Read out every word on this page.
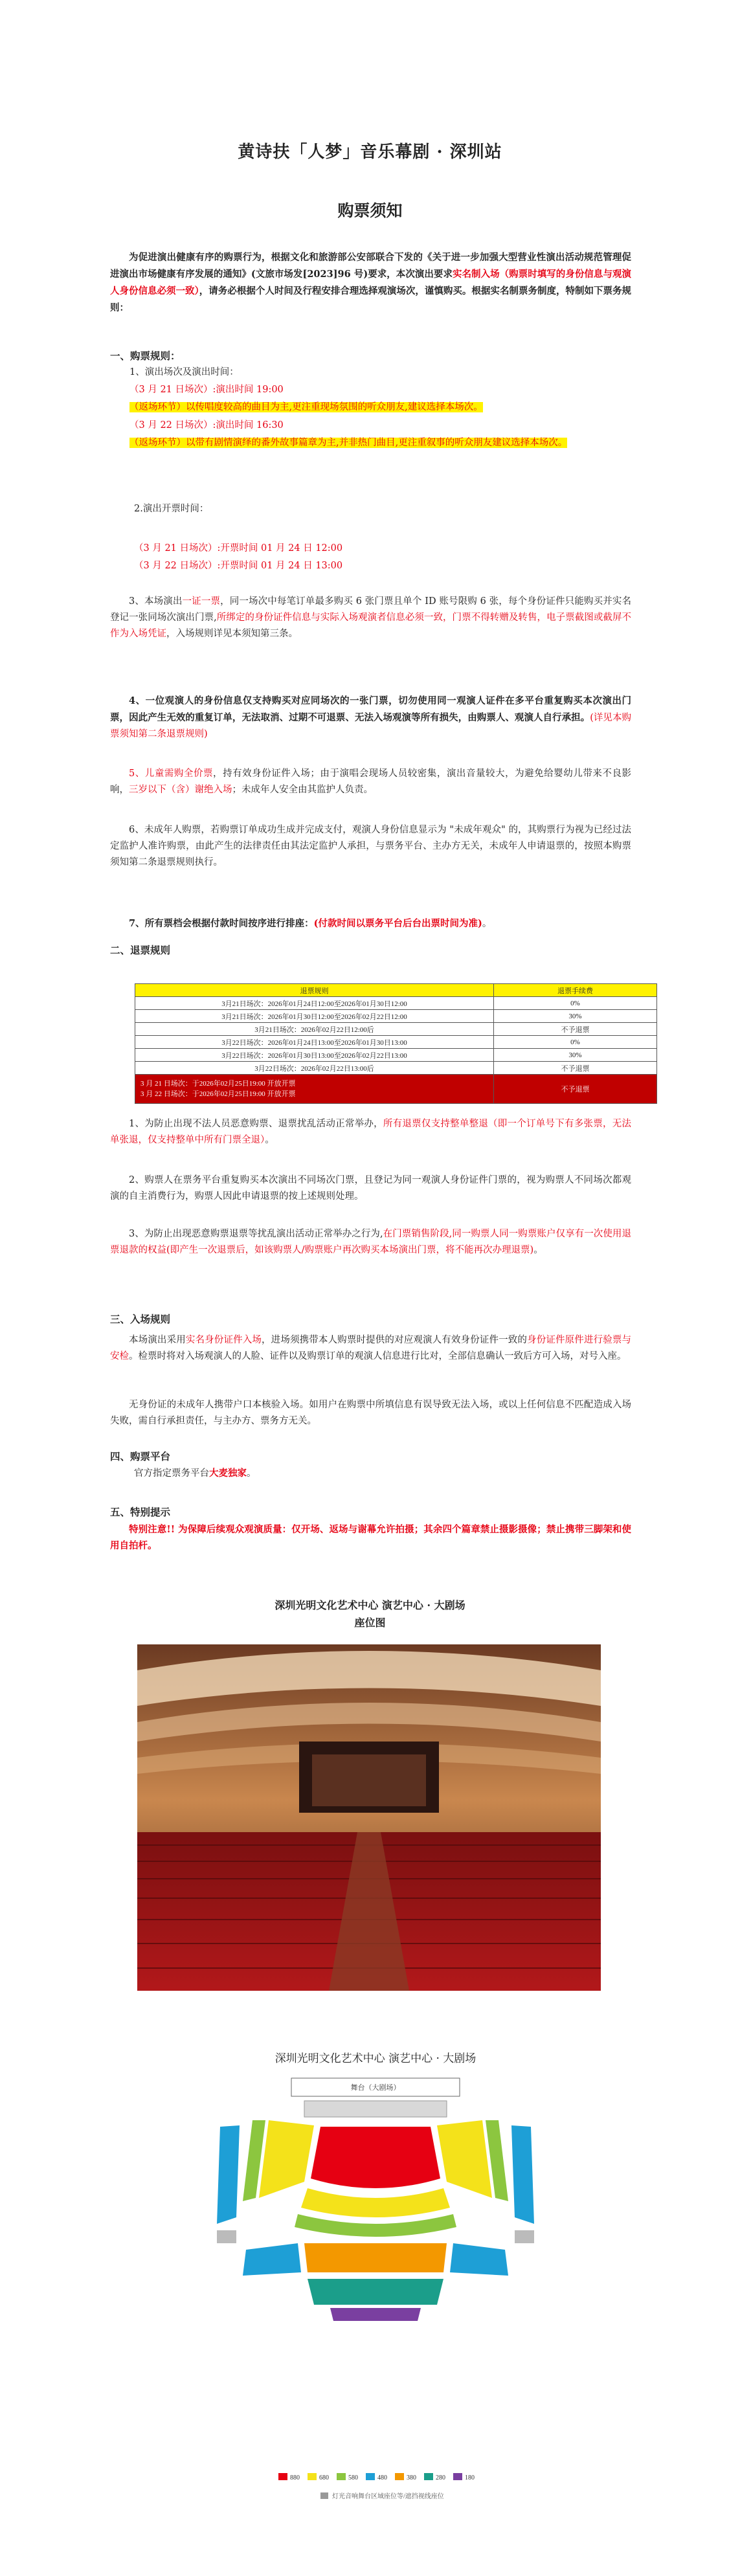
黄诗扶「人梦」音乐幕剧 · 深圳站
购票须知
为促进演出健康有序的购票行为，根据文化和旅游部公安部联合下发的《关于进一步加强大型营业性演出活动规范管理促进演出市场健康有序发展的通知》(文旅市场发[2023]96 号)要求，本次演出要求实名制入场（购票时填写的身份信息与观演人身份信息必须一致），请务必根据个人时间及行程安排合理选择观演场次，谨慎购买。根据实名制票务制度，特制如下票务规则：
一、购票规则：
1、演出场次及演出时间：
（3 月 21 日场次）:演出时间 19:00
（返场环节）以传唱度较高的曲目为主,更注重现场氛围的听众朋友,建议选择本场次。
（3 月 22 日场次）:演出时间 16:30
（返场环节）以带有剧情演绎的番外故事篇章为主,并非热门曲目,更注重叙事的听众朋友建议选择本场次。
2.演出开票时间：
（3 月 21 日场次）:开票时间 01 月 24 日 12:00
（3 月 22 日场次）:开票时间 01 月 24 日 13:00
3、本场演出一证一票，同一场次中每笔订单最多购买 6 张门票且单个 ID 账号限购 6 张，每个身份证件只能购买并实名登记一张同场次演出门票,所绑定的身份证件信息与实际入场观演者信息必须一致，门票不得转赠及转售，电子票截图或截屏不作为入场凭证，入场规则详见本须知第三条。
4、一位观演人的身份信息仅支持购买对应同场次的一张门票，切勿使用同一观演人证件在多平台重复购买本次演出门票，因此产生无效的重复订单，无法取消、过期不可退票、无法入场观演等所有损失，由购票人、观演人自行承担。(详见本购票须知第二条退票规则)
5、儿童需购全价票，持有效身份证件入场；由于演唱会现场人员较密集，演出音量较大，为避免给婴幼儿带来不良影响，三岁以下（含）谢绝入场；未成年人安全由其监护人负责。
6、未成年人购票，若购票订单成功生成并完成支付，观演人身份信息显示为 "未成年观众" 的，其购票行为视为已经过法定监护人准许购票，由此产生的法律责任由其法定监护人承担，与票务平台、主办方无关，未成年人申请退票的，按照本购票须知第二条退票规则执行。
7、所有票档会根据付款时间按序进行排座：(付款时间以票务平台后台出票时间为准)。
二、退票规则
退票规则	退票手续费
3月21日场次：2026年01月24日12:00至2026年01月30日12:00	0%
3月21日场次：2026年01月30日12:00至2026年02月22日12:00	30%
3月21日场次：2026年02月22日12:00后	不予退票
3月22日场次：2026年01月24日13:00至2026年01月30日13:00	0%
3月22日场次：2026年01月30日13:00至2026年02月22日13:00	30%
3月22日场次：2026年02月22日13:00后	不予退票

3 月 21 日场次：于2026年02月25日19:00 开放开票
3 月 22 日场次：于2026年02月25日19:00 开放开票	不予退票
1、为防止出现不法人员恶意购票、退票扰乱活动正常举办，所有退票仅支持整单整退（即一个订单号下有多张票，无法单张退，仅支持整单中所有门票全退）。
2、购票人在票务平台重复购买本次演出不同场次门票，且登记为同一观演人身份证件门票的，视为购票人不同场次都观演的自主消费行为，购票人因此申请退票的按上述规则处理。
3、为防止出现恶意购票退票等扰乱演出活动正常举办之行为,在门票销售阶段,同一购票人同一购票账户仅享有一次使用退票退款的权益(即产生一次退票后，如该购票人/购票账户再次购买本场演出门票，将不能再次办理退票)。
三、入场规则
本场演出采用实名身份证件入场，进场须携带本人购票时提供的对应观演人有效身份证件一致的身份证件原件进行验票与安检。检票时将对入场观演人的人脸、证件以及购票订单的观演人信息进行比对，全部信息确认一致后方可入场，对号入座。
无身份证的未成年人携带户口本核验入场。如用户在购票中所填信息有误导致无法入场，或以上任何信息不匹配造成入场失败，需自行承担责任，与主办方、票务方无关。
四、购票平台
官方指定票务平台大麦独家。
五、特别提示
特别注意!! 为保障后续观众观演质量：仅开场、返场与谢幕允许拍摄；其余四个篇章禁止摄影摄像；禁止携带三脚架和使用自拍杆。
深圳光明文化艺术中心 演艺中心 · 大剧场
座位图
深圳光明文化艺术中心 演艺中心 · 大剧场
舞台（大剧场）
880	680	580	480	380	280	180
灯光音响舞台区域座位等/遮挡视线座位
